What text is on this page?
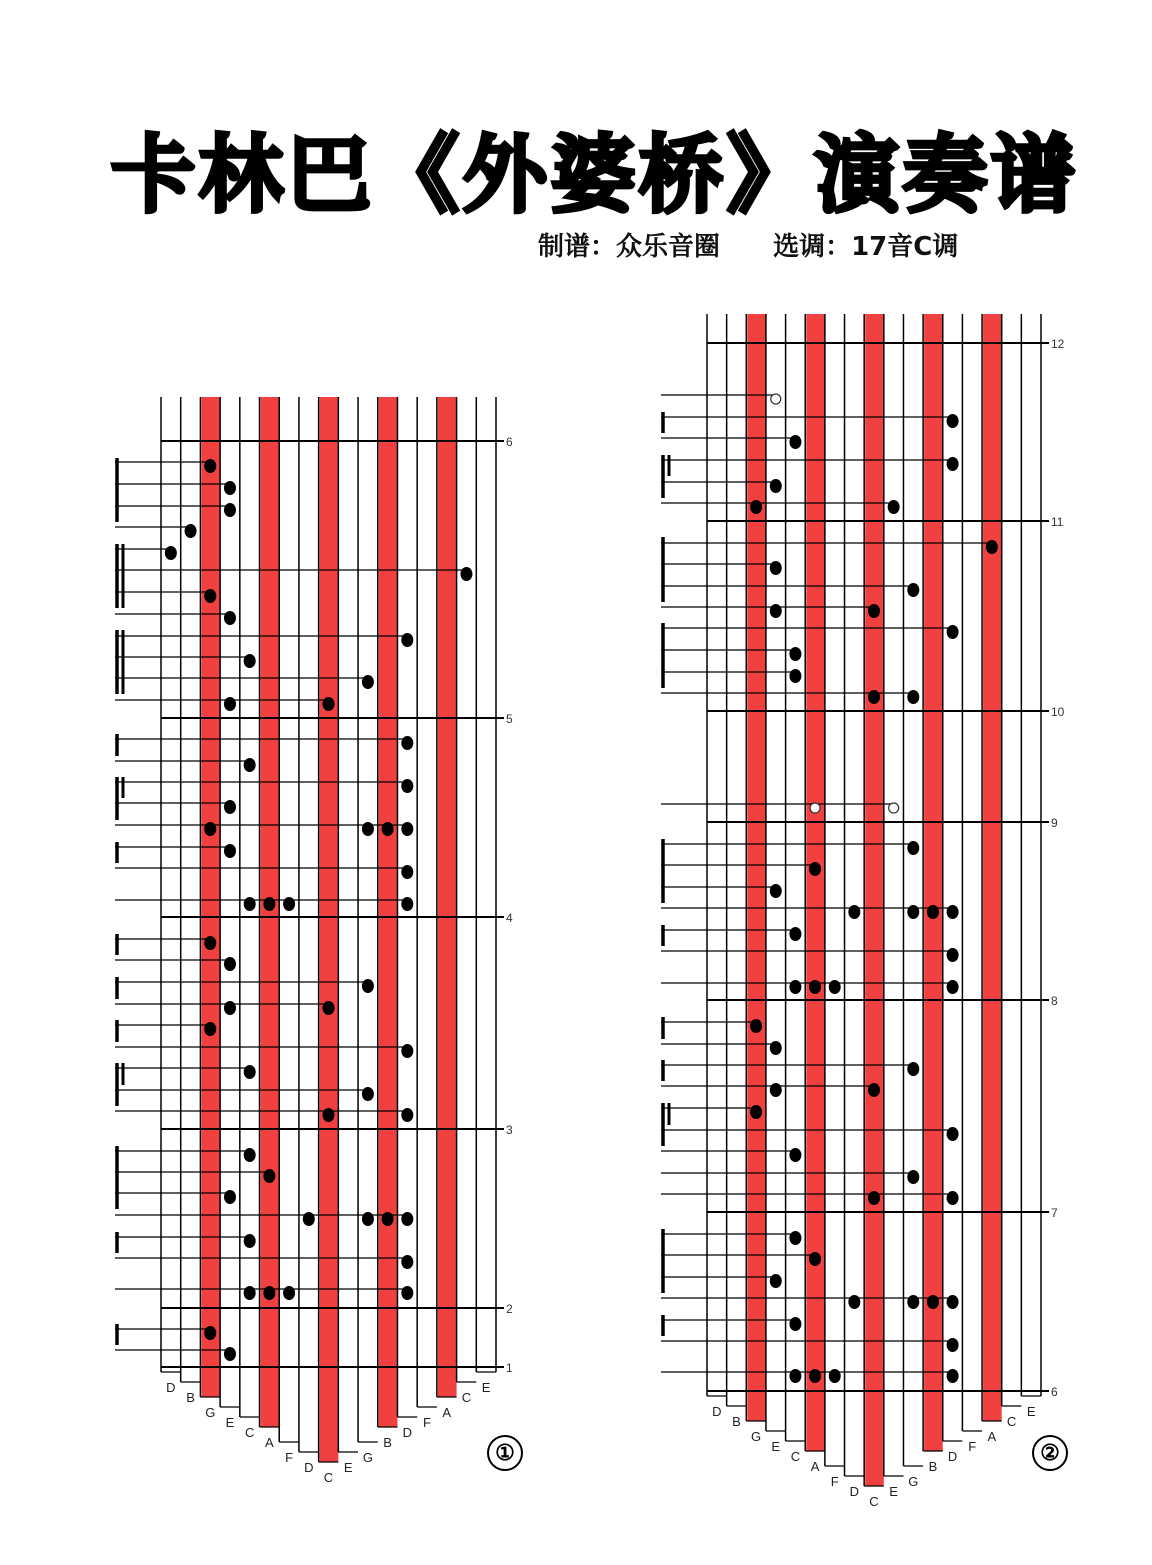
卡林巴《外婆桥》演奏谱
制谱：众乐音圈 选调：17音C调
D
B
G
E
C
A
F
D
C
E
G
B
D
F
A
C
E
6
5
4
3
2
1
D
B
G
E
C
A
F
D
C
E
G
B
D
F
A
C
E
12
11
10
9
8
7
6
①	②
